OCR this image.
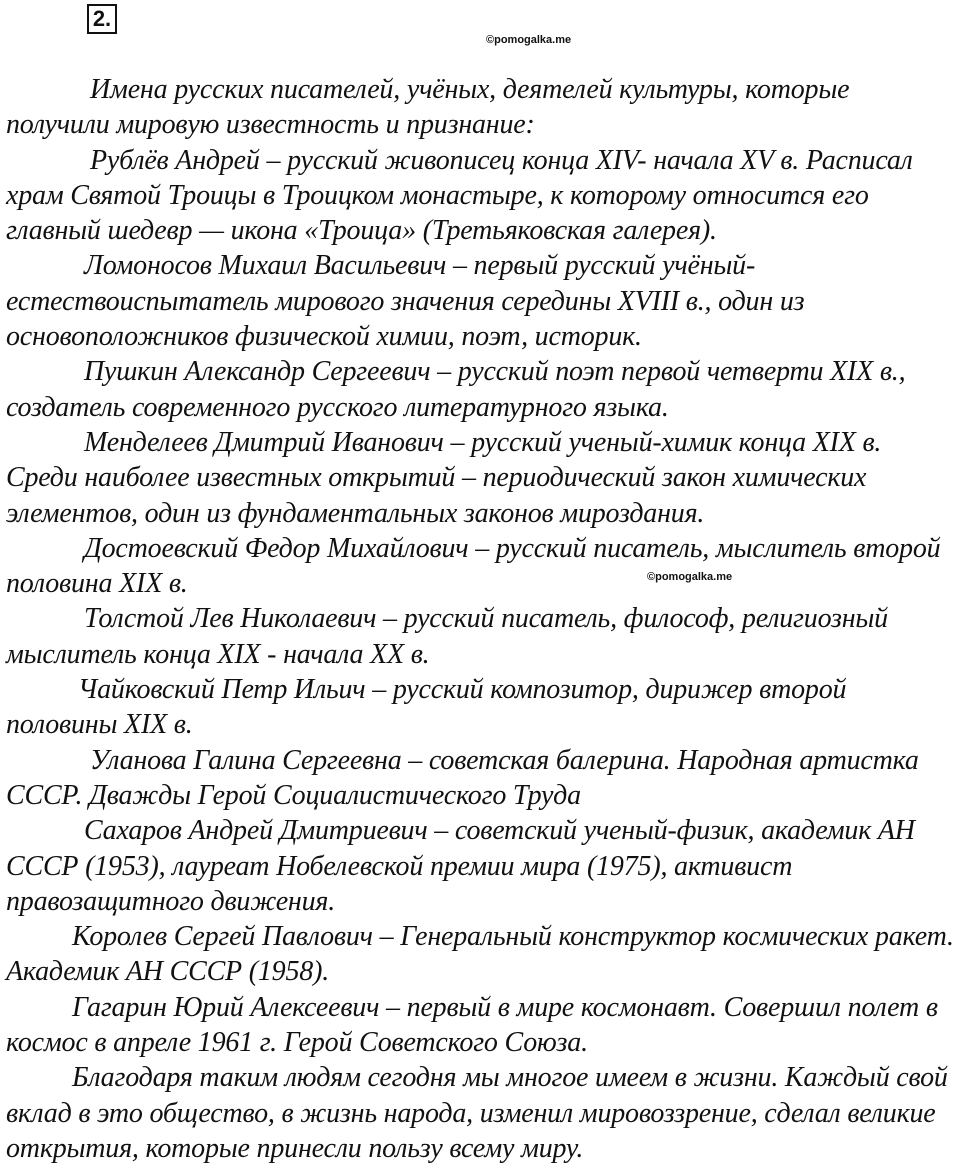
2.
©pomogalka.me
©pomogalka.me

Имена русских писателей, учёных, деятелей культуры, которые получили мировую известность и признание:

Рублёв Андрей – русский живописец конца XIV- начала XV в. Расписал храм Святой Троицы в Троицком монастыре, к которому относится его главный шедевр — икона «Троица» (Третьяковская галерея).

Ломоносов Михаил Васильевич – первый русский учёный-естествоиспытатель мирового значения середины XVIII в., один из основоположников физической химии, поэт, историк.

Пушкин Александр Сергеевич – русский поэт первой четверти XIX в., создатель современного русского литературного языка.

Менделеев Дмитрий Иванович – русский ученый-химик конца XIX в. Среди наиболее известных открытий – периодический закон химических элементов, один из фундаментальных законов мироздания.

Достоевский Федор Михайлович – русский писатель, мыслитель второй половина XIX в.

Толстой Лев Николаевич – русский писатель, философ, религиозный мыслитель конца XIX - начала XX в.

Чайковский Петр Ильич – русский композитор, дирижер второй половины XIX в.

Уланова Галина Сергеевна – советская балерина. Народная артистка СССР. Дважды Герой Социалистического Труда

Сахаров Андрей Дмитриевич – советский ученый-физик, академик АН СССР (1953), лауреат Нобелевской премии мира (1975), активист правозащитного движения.

Королев Сергей Павлович – Генеральный конструктор космических ракет. Академик АН СССР (1958).

Гагарин Юрий Алексеевич – первый в мире космонавт. Совершил полет в космос в апреле 1961 г. Герой Советского Союза.

Благодаря таким людям сегодня мы многое имеем в жизни. Каждый свой вклад в это общество, в жизнь народа, изменил мировоззрение, сделал великие открытия, которые принесли пользу всему миру.
